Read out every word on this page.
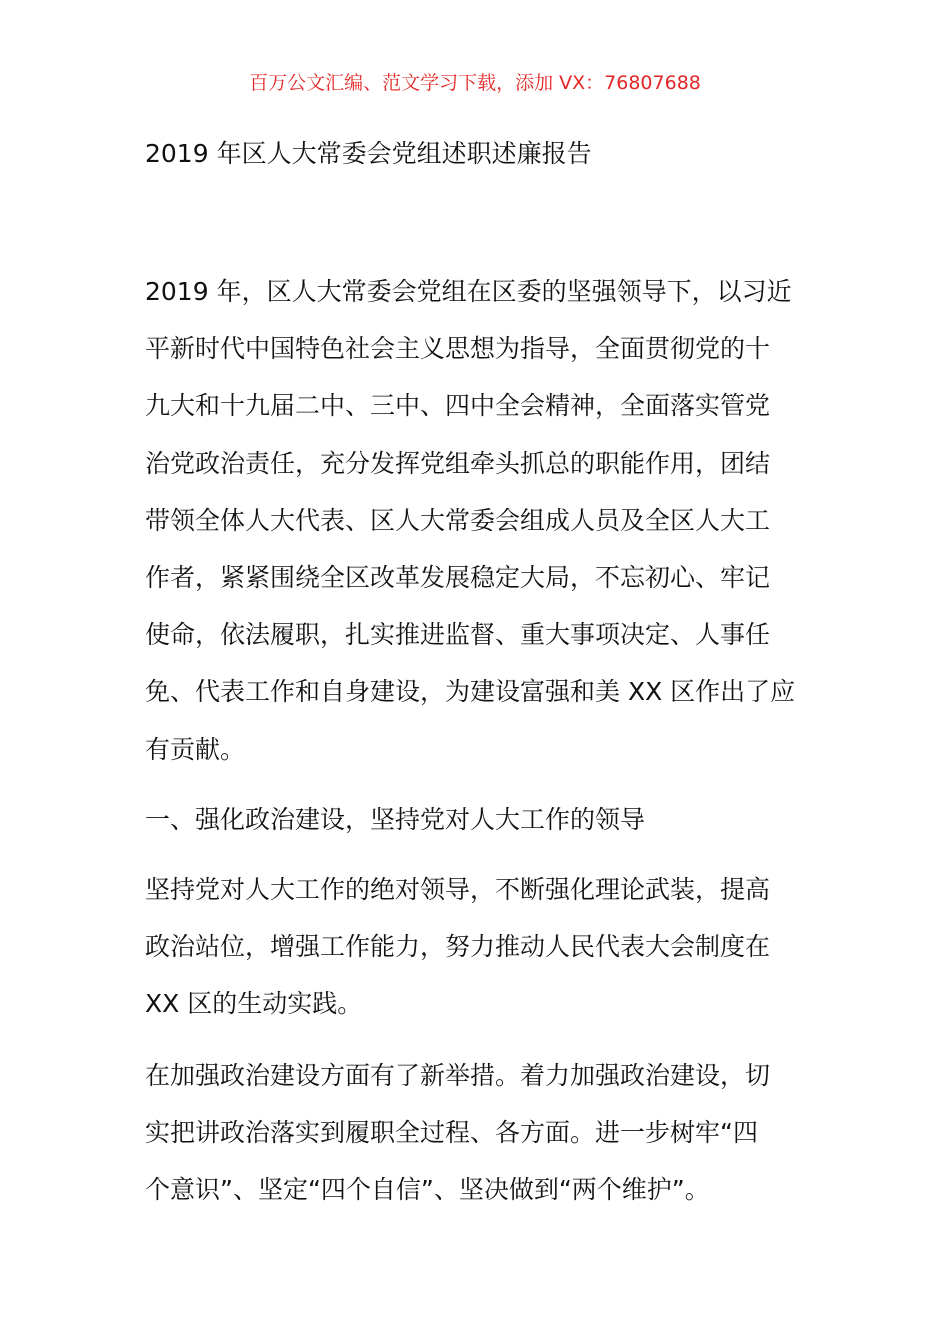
百万公文汇编、范文学习下载，添加 VX：76807688
2019 年区人大常委会党组述职述廉报告
2019 年，区人大常委会党组在区委的坚强领导下，以习近
平新时代中国特色社会主义思想为指导，全面贯彻党的十
九大和十九届二中、三中、四中全会精神，全面落实管党
治党政治责任，充分发挥党组牵头抓总的职能作用，团结
带领全体人大代表、区人大常委会组成人员及全区人大工
作者，紧紧围绕全区改革发展稳定大局，不忘初心、牢记
使命，依法履职，扎实推进监督、重大事项决定、人事任
免、代表工作和自身建设，为建设富强和美 XX 区作出了应
有贡献。
一、强化政治建设，坚持党对人大工作的领导
坚持党对人大工作的绝对领导，不断强化理论武装，提高
政治站位，增强工作能力，努力推动人民代表大会制度在
XX 区的生动实践。
在加强政治建设方面有了新举措。着力加强政治建设，切
实把讲政治落实到履职全过程、各方面。进一步树牢“四
个意识”、坚定“四个自信”、坚决做到“两个维护”。
